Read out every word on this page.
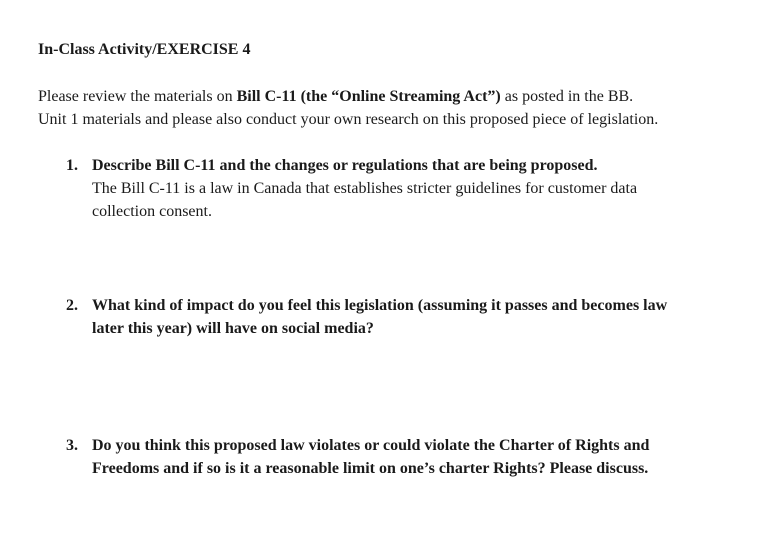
In-Class Activity/EXERCISE 4
Please review the materials on Bill C-11 (the “Online Streaming Act”) as posted in the BB.
Unit 1 materials and please also conduct your own research on this proposed piece of legislation.
1. Describe Bill C-11 and the changes or regulations that are being proposed.
The Bill C-11 is a law in Canada that establishes stricter guidelines for customer data
collection consent.
2. What kind of impact do you feel this legislation (assuming it passes and becomes law
later this year) will have on social media?
3. Do you think this proposed law violates or could violate the Charter of Rights and
Freedoms and if so is it a reasonable limit on one’s charter Rights? Please discuss.
